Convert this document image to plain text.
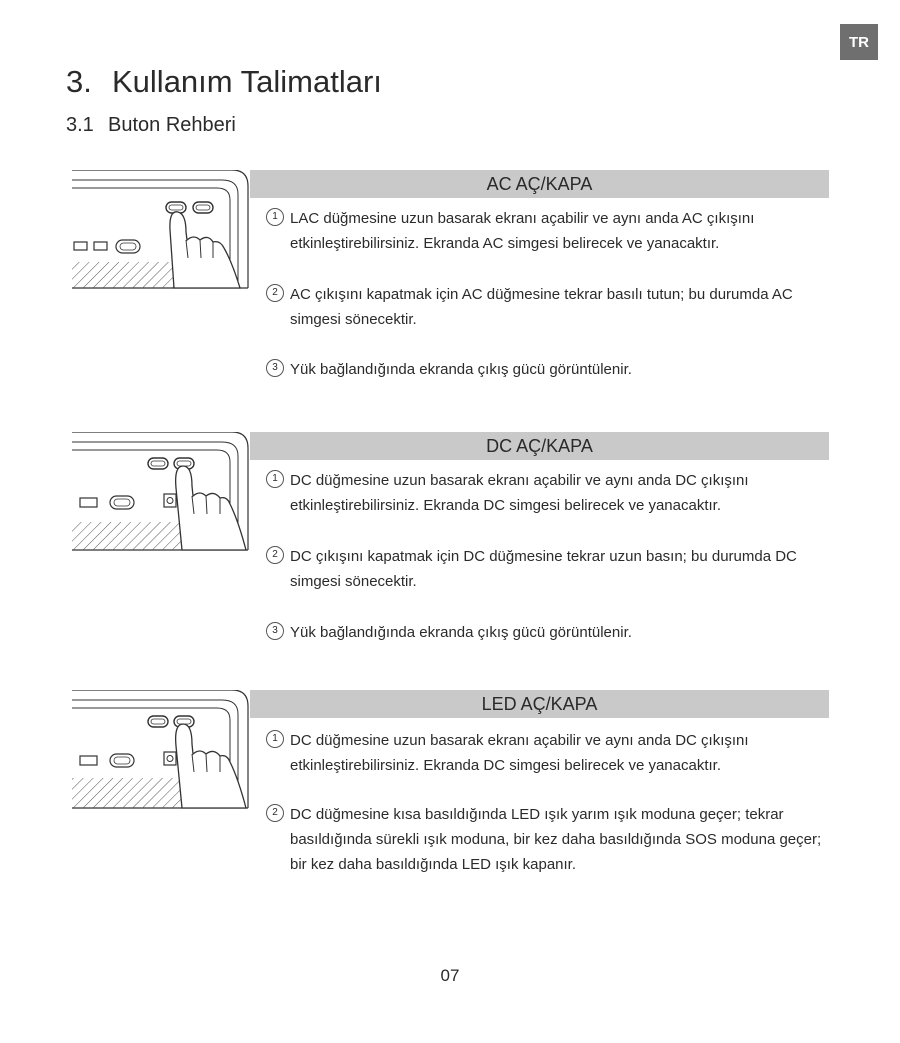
TR
3. Kullanım Talimatları
3.1 Buton Rehberi
AC AÇ/KAPA
1 LAC düğmesine uzun basarak ekranı açabilir ve aynı anda AC çıkışını etkinleştirebilirsiniz. Ekranda AC simgesi belirecek ve yanacaktır.
2 AC çıkışını kapatmak için AC düğmesine tekrar basılı tutun; bu durumda AC simgesi sönecektir.
3 Yük bağlandığında ekranda çıkış gücü görüntülenir.
DC AÇ/KAPA
1 DC düğmesine uzun basarak ekranı açabilir ve aynı anda DC çıkışını etkinleştirebilirsiniz. Ekranda DC simgesi belirecek ve yanacaktır.
2 DC çıkışını kapatmak için DC düğmesine tekrar uzun basın; bu durumda DC simgesi sönecektir.
3 Yük bağlandığında ekranda çıkış gücü görüntülenir.
LED AÇ/KAPA
1 DC düğmesine uzun basarak ekranı açabilir ve aynı anda DC çıkışını etkinleştirebilirsiniz. Ekranda DC simgesi belirecek ve yanacaktır.
2 DC düğmesine kısa basıldığında LED ışık yarım ışık moduna geçer; tekrar basıldığında sürekli ışık moduna, bir kez daha basıldığında SOS moduna geçer; bir kez daha basıldığında LED ışık kapanır.
07
